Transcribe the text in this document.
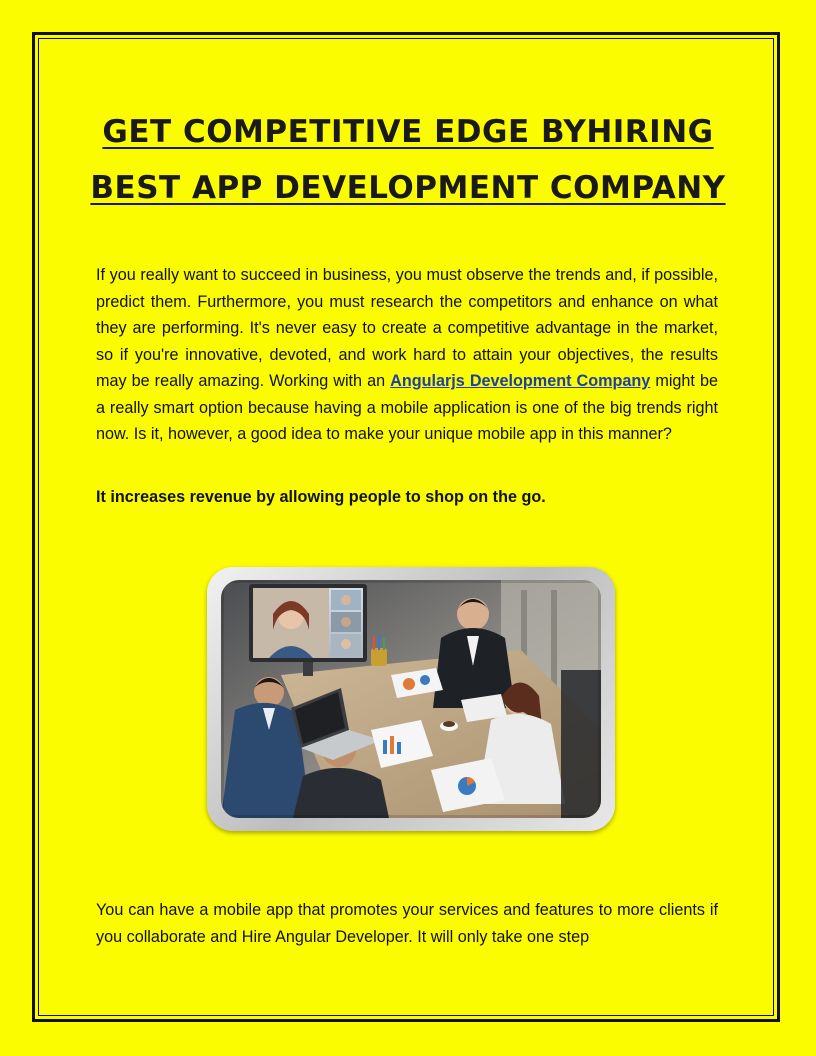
GET COMPETITIVE EDGE BYHIRING
BEST APP DEVELOPMENT COMPANY

If you really want to succeed in business, you must observe the trends and, if possible, predict them. Furthermore, you must research the competitors and enhance on what they are performing. It's never easy to create a competitive advantage in the market, so if you're innovative, devoted, and work hard to attain your objectives, the results may be really amazing. Working with an Angularjs Development Company might be a really smart option because having a mobile application is one of the big trends right now. Is it, however, a good idea to make your unique mobile app in this manner?

It increases revenue by allowing people to shop on the go.

You can have a mobile app that promotes your services and features to more clients if you collaborate and Hire Angular Developer. It will only take one step
